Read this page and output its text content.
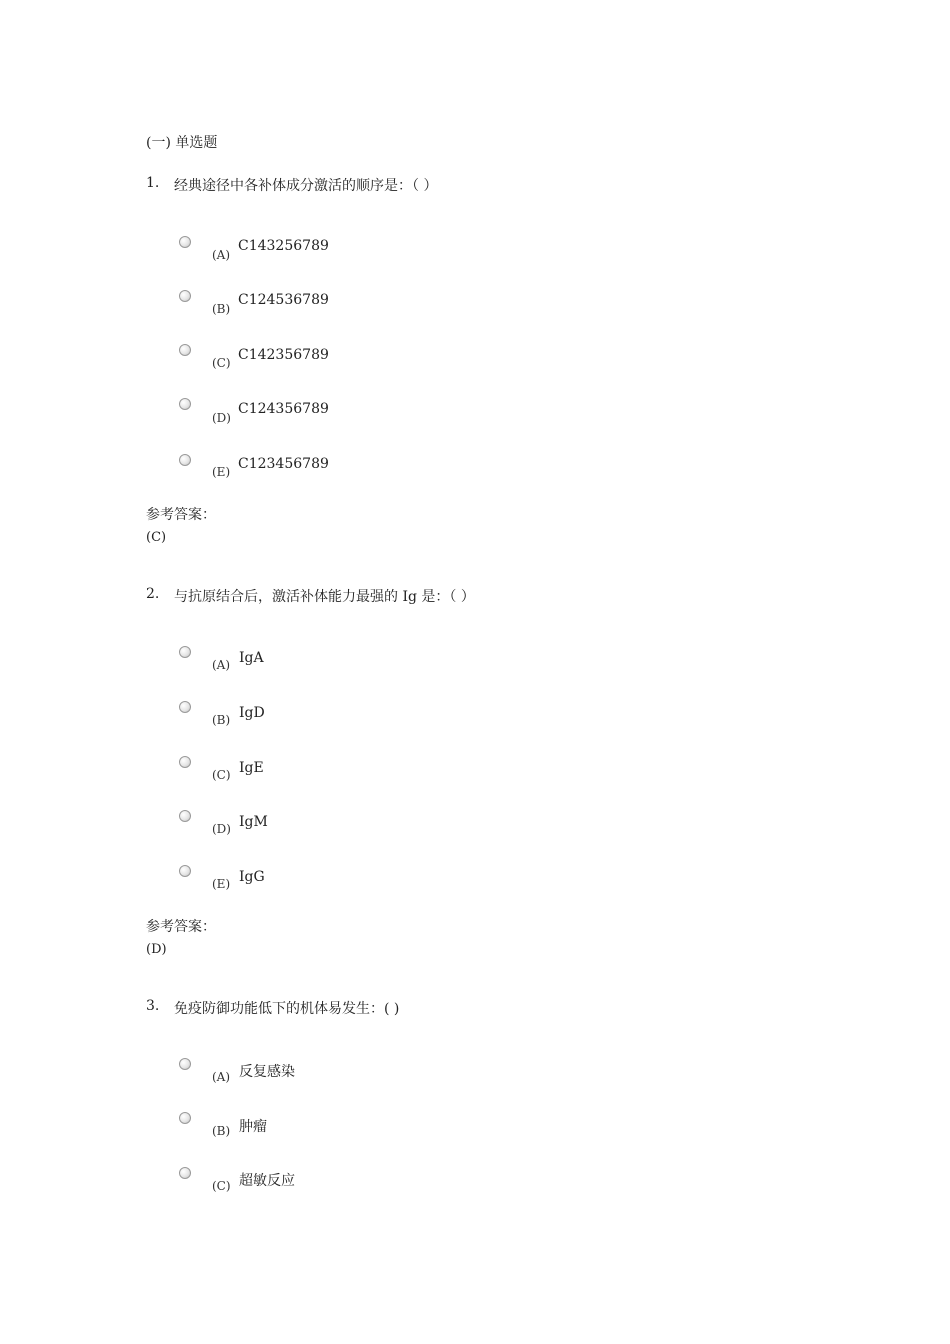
(一) 单选题
1. 经典途径中各补体成分激活的顺序是：（ ）
(A)
C143256789
(B)
C124536789
(C) C142356789
(D)
C124356789
(E) C123456789
参考答案：
(C)
2. 与抗原结合后，激活补体能力最强的 Ig 是：（ ）
(A) IgA
(B) IgD
(C) IgE
(D) IgM
(E) IgG
参考答案：
(D)
3. 免疫防御功能低下的机体易发生：( )
(A) 反复感染
(B) 肿瘤
(C) 超敏反应
